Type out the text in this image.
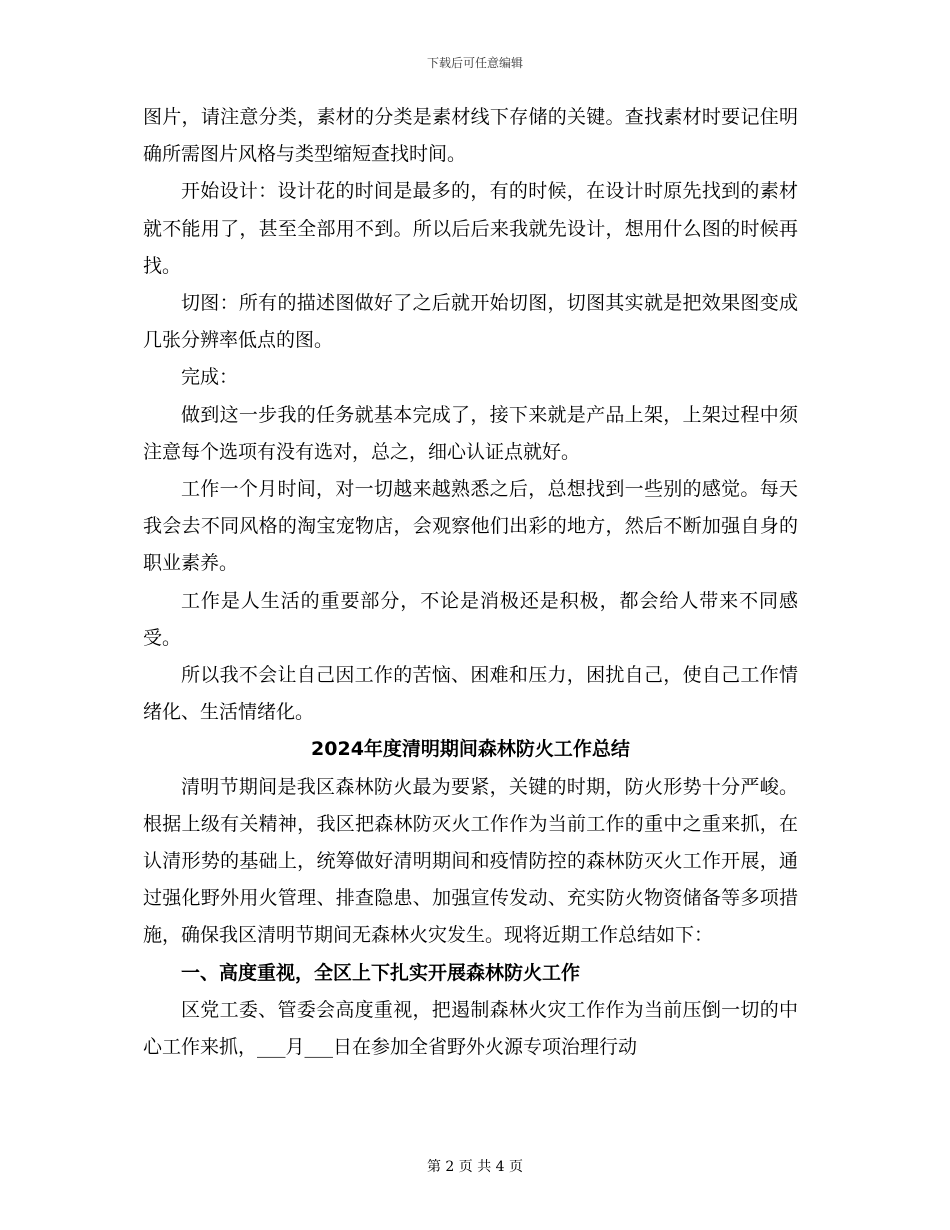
下载后可任意编辑

图片，请注意分类，素材的分类是素材线下存储的关键。查找素材时要记住明确所需图片风格与类型缩短查找时间。

开始设计：设计花的时间是最多的，有的时候，在设计时原先找到的素材就不能用了，甚至全部用不到。所以后后来我就先设计，想用什么图的时候再找。

切图：所有的描述图做好了之后就开始切图，切图其实就是把效果图变成几张分辨率低点的图。

完成：

做到这一步我的任务就基本完成了，接下来就是产品上架，上架过程中须注意每个选项有没有选对，总之，细心认证点就好。

工作一个月时间，对一切越来越熟悉之后，总想找到一些别的感觉。每天我会去不同风格的淘宝宠物店，会观察他们出彩的地方，然后不断加强自身的职业素养。

工作是人生活的重要部分，不论是消极还是积极，都会给人带来不同感受。

所以我不会让自己因工作的苦恼、困难和压力，困扰自己，使自己工作情绪化、生活情绪化。

2024年度清明期间森林防火工作总结

清明节期间是我区森林防火最为要紧，关键的时期，防火形势十分严峻。根据上级有关精神，我区把森林防灭火工作作为当前工作的重中之重来抓，在认清形势的基础上，统筹做好清明期间和疫情防控的森林防灭火工作开展，通过强化野外用火管理、排查隐患、加强宣传发动、充实防火物资储备等多项措施，确保我区清明节期间无森林火灾发生。现将近期工作总结如下：

一、高度重视，全区上下扎实开展森林防火工作

区党工委、管委会高度重视，把遏制森林火灾工作作为当前压倒一切的中心工作来抓，___月___日在参加全省野外火源专项治理行动

第 2 页 共 4 页
